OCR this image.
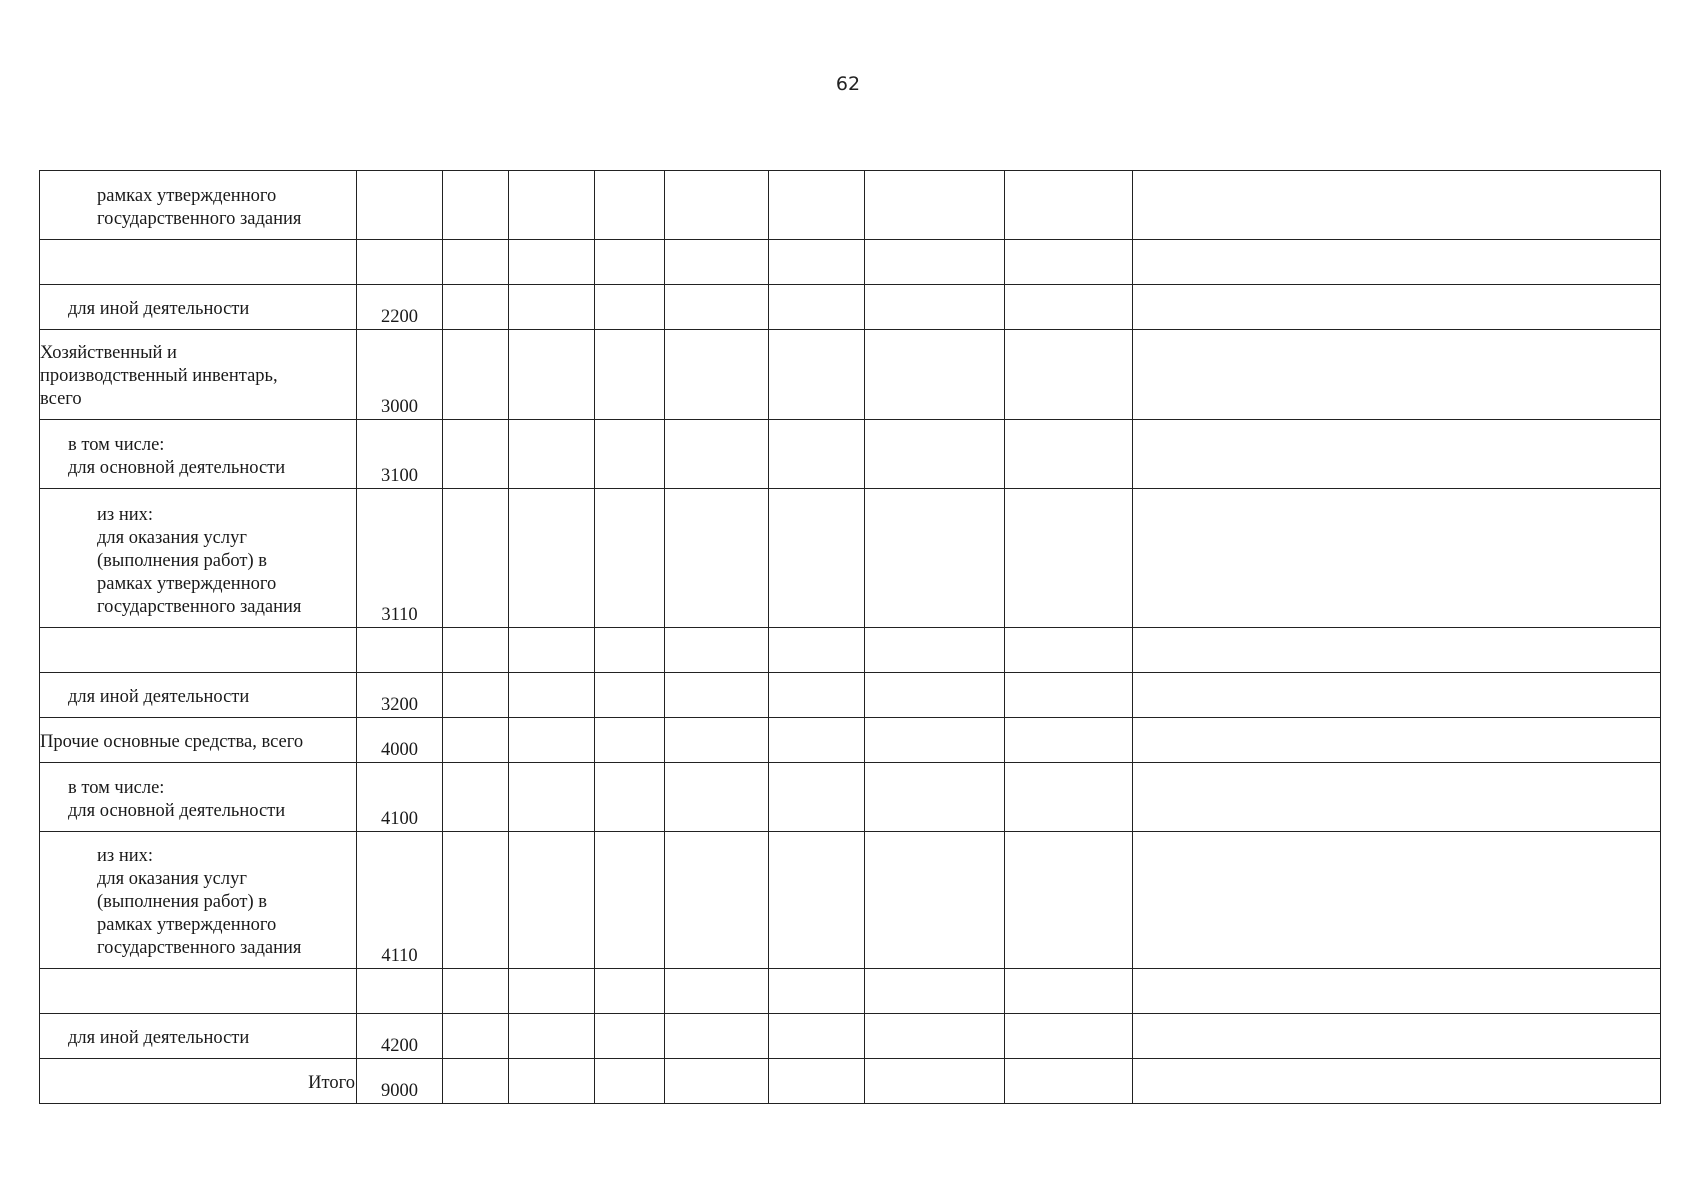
62
рамках утвержденного
государственного задания									

для иной деятельности	2200								

Хозяйственный и
производственный инвентарь,
всего	3000								

в том числе:
для основной деятельности	3100								

из них:
для оказания услуг
(выполнения работ) в
рамках утвержденного
государственного задания	3110								

для иной деятельности	3200								

Прочие основные средства, всего	4000								

в том числе:
для основной деятельности	4100								

из них:
для оказания услуг
(выполнения работ) в
рамках утвержденного
государственного задания	4110								

для иной деятельности	4200								

Итого	9000								
